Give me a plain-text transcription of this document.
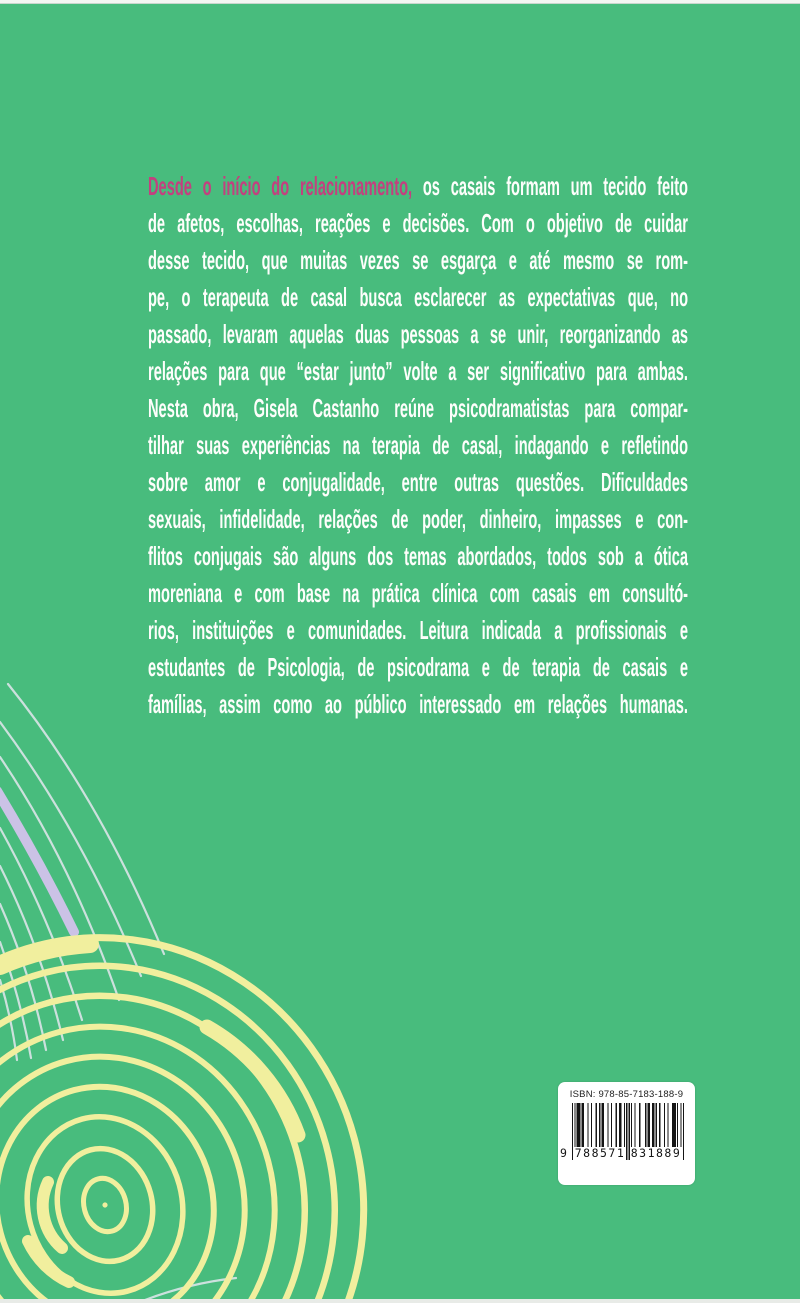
Desde o início do relacionamento, os casais formam um tecido feito
de afetos, escolhas, reações e decisões. Com o objetivo de cuidar
desse tecido, que muitas vezes se esgarça e até mesmo se rom-
pe, o terapeuta de casal busca esclarecer as expectativas que, no
passado, levaram aquelas duas pessoas a se unir, reorganizando as
relações para que “estar junto” volte a ser significativo para ambas.
Nesta obra, Gisela Castanho reúne psicodramatistas para compar-
tilhar suas experiências na terapia de casal, indagando e refletindo
sobre amor e conjugalidade, entre outras questões. Dificuldades
sexuais, infidelidade, relações de poder, dinheiro, impasses e con-
flitos conjugais são alguns dos temas abordados, todos sob a ótica
moreniana e com base na prática clínica com casais em consultó-
rios, instituições e comunidades. Leitura indicada a profissionais e
estudantes de Psicologia, de psicodrama e de terapia de casais e
famílias, assim como ao público interessado em relações humanas.
ISBN: 978-85-7183-188-9
9 788571 831889
